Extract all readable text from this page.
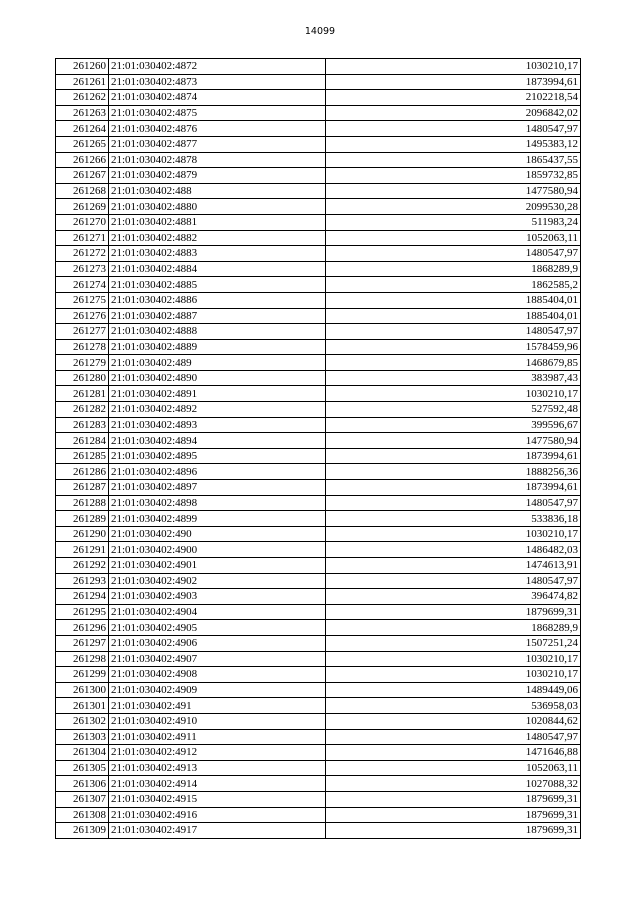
14099
261260	21:01:030402:4872	1030210,17
261261	21:01:030402:4873	1873994,61
261262	21:01:030402:4874	2102218,54
261263	21:01:030402:4875	2096842,02
261264	21:01:030402:4876	1480547,97
261265	21:01:030402:4877	1495383,12
261266	21:01:030402:4878	1865437,55
261267	21:01:030402:4879	1859732,85
261268	21:01:030402:488	1477580,94
261269	21:01:030402:4880	2099530,28
261270	21:01:030402:4881	511983,24
261271	21:01:030402:4882	1052063,11
261272	21:01:030402:4883	1480547,97
261273	21:01:030402:4884	1868289,9
261274	21:01:030402:4885	1862585,2
261275	21:01:030402:4886	1885404,01
261276	21:01:030402:4887	1885404,01
261277	21:01:030402:4888	1480547,97
261278	21:01:030402:4889	1578459,96
261279	21:01:030402:489	1468679,85
261280	21:01:030402:4890	383987,43
261281	21:01:030402:4891	1030210,17
261282	21:01:030402:4892	527592,48
261283	21:01:030402:4893	399596,67
261284	21:01:030402:4894	1477580,94
261285	21:01:030402:4895	1873994,61
261286	21:01:030402:4896	1888256,36
261287	21:01:030402:4897	1873994,61
261288	21:01:030402:4898	1480547,97
261289	21:01:030402:4899	533836,18
261290	21:01:030402:490	1030210,17
261291	21:01:030402:4900	1486482,03
261292	21:01:030402:4901	1474613,91
261293	21:01:030402:4902	1480547,97
261294	21:01:030402:4903	396474,82
261295	21:01:030402:4904	1879699,31
261296	21:01:030402:4905	1868289,9
261297	21:01:030402:4906	1507251,24
261298	21:01:030402:4907	1030210,17
261299	21:01:030402:4908	1030210,17
261300	21:01:030402:4909	1489449,06
261301	21:01:030402:491	536958,03
261302	21:01:030402:4910	1020844,62
261303	21:01:030402:4911	1480547,97
261304	21:01:030402:4912	1471646,88
261305	21:01:030402:4913	1052063,11
261306	21:01:030402:4914	1027088,32
261307	21:01:030402:4915	1879699,31
261308	21:01:030402:4916	1879699,31
261309	21:01:030402:4917	1879699,31
